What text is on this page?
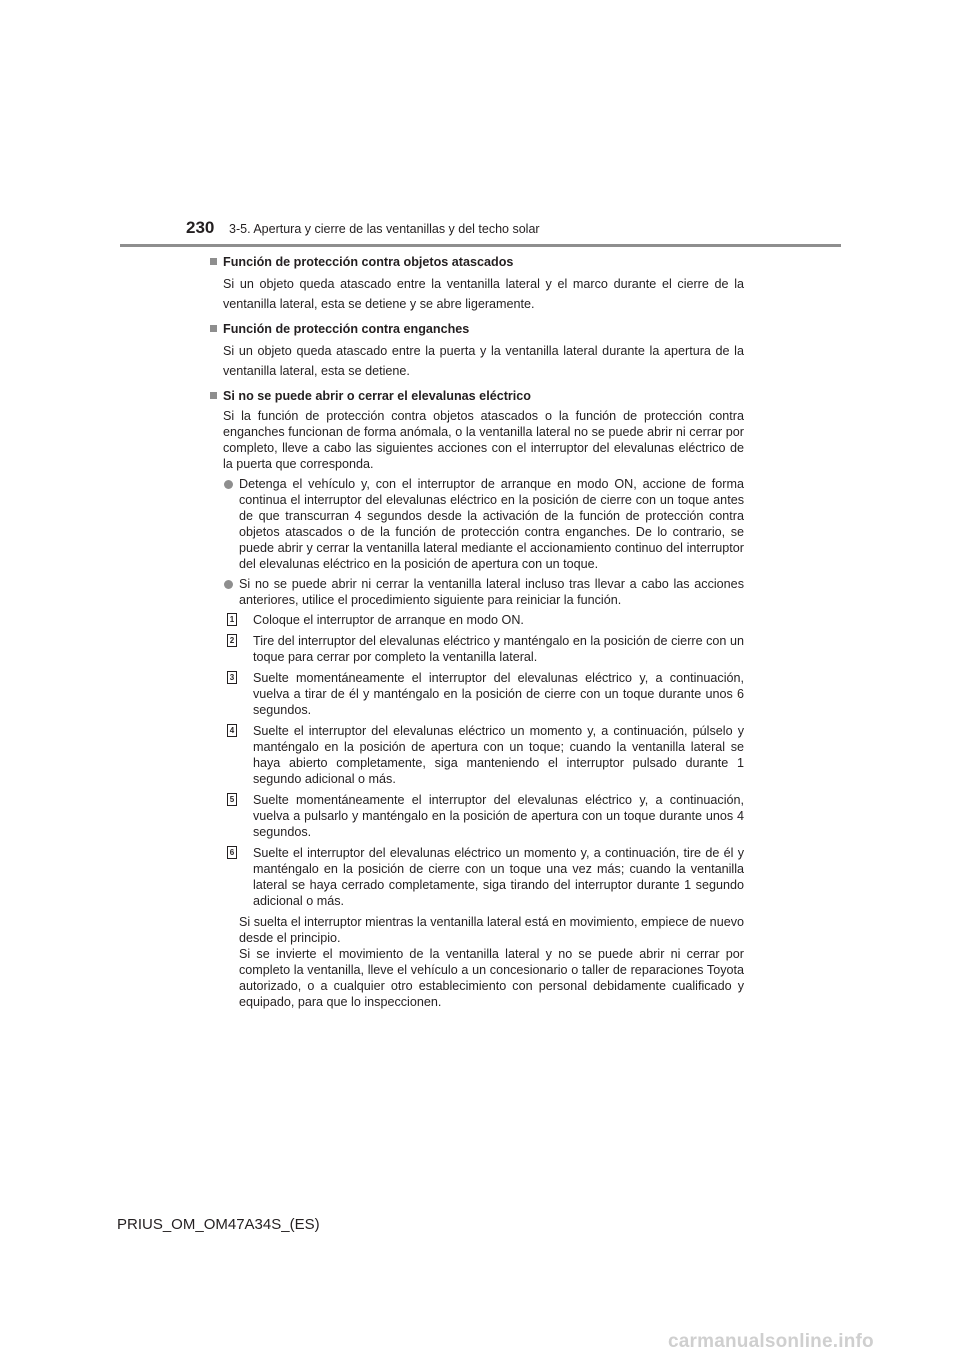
230 3-5. Apertura y cierre de las ventanillas y del techo solar
Función de protección contra objetos atascados
Si un objeto queda atascado entre la ventanilla lateral y el marco durante el cierre de la ventanilla lateral, esta se detiene y se abre ligeramente.
Función de protección contra enganches
Si un objeto queda atascado entre la puerta y la ventanilla lateral durante la apertura de la ventanilla lateral, esta se detiene.
Si no se puede abrir o cerrar el elevalunas eléctrico
Si la función de protección contra objetos atascados o la función de protección contra enganches funcionan de forma anómala, o la ventanilla lateral no se puede abrir ni cerrar por completo, lleve a cabo las siguientes acciones con el interruptor del elevalunas eléctrico de la puerta que corresponda.
Detenga el vehículo y, con el interruptor de arranque en modo ON, accione de forma continua el interruptor del elevalunas eléctrico en la posición de cierre con un toque antes de que transcurran 4 segundos desde la activación de la función de protección contra objetos atascados o de la función de protección contra enganches. De lo contrario, se puede abrir y cerrar la ventanilla lateral mediante el accionamiento continuo del interruptor del elevalunas eléctrico en la posición de apertura con un toque.
Si no se puede abrir ni cerrar la ventanilla lateral incluso tras llevar a cabo las acciones anteriores, utilice el procedimiento siguiente para reiniciar la función.
1 Coloque el interruptor de arranque en modo ON.
2 Tire del interruptor del elevalunas eléctrico y manténgalo en la posición de cierre con un toque para cerrar por completo la ventanilla lateral.
3 Suelte momentáneamente el interruptor del elevalunas eléctrico y, a continuación, vuelva a tirar de él y manténgalo en la posición de cierre con un toque durante unos 6 segundos.
4 Suelte el interruptor del elevalunas eléctrico un momento y, a continuación, púlselo y manténgalo en la posición de apertura con un toque; cuando la ventanilla lateral se haya abierto completamente, siga manteniendo el interruptor pulsado durante 1 segundo adicional o más.
5 Suelte momentáneamente el interruptor del elevalunas eléctrico y, a continuación, vuelva a pulsarlo y manténgalo en la posición de apertura con un toque durante unos 4 segundos.
6 Suelte el interruptor del elevalunas eléctrico un momento y, a continuación, tire de él y manténgalo en la posición de cierre con un toque una vez más; cuando la ventanilla lateral se haya cerrado completamente, siga tirando del interruptor durante 1 segundo adicional o más.
Si suelta el interruptor mientras la ventanilla lateral está en movimiento, empiece de nuevo desde el principio.
Si se invierte el movimiento de la ventanilla lateral y no se puede abrir ni cerrar por completo la ventanilla, lleve el vehículo a un concesionario o taller de reparaciones Toyota autorizado, o a cualquier otro establecimiento con personal debidamente cualificado y equipado, para que lo inspeccionen.
PRIUS_OM_OM47A34S_(ES)
carmanualsonline.info
